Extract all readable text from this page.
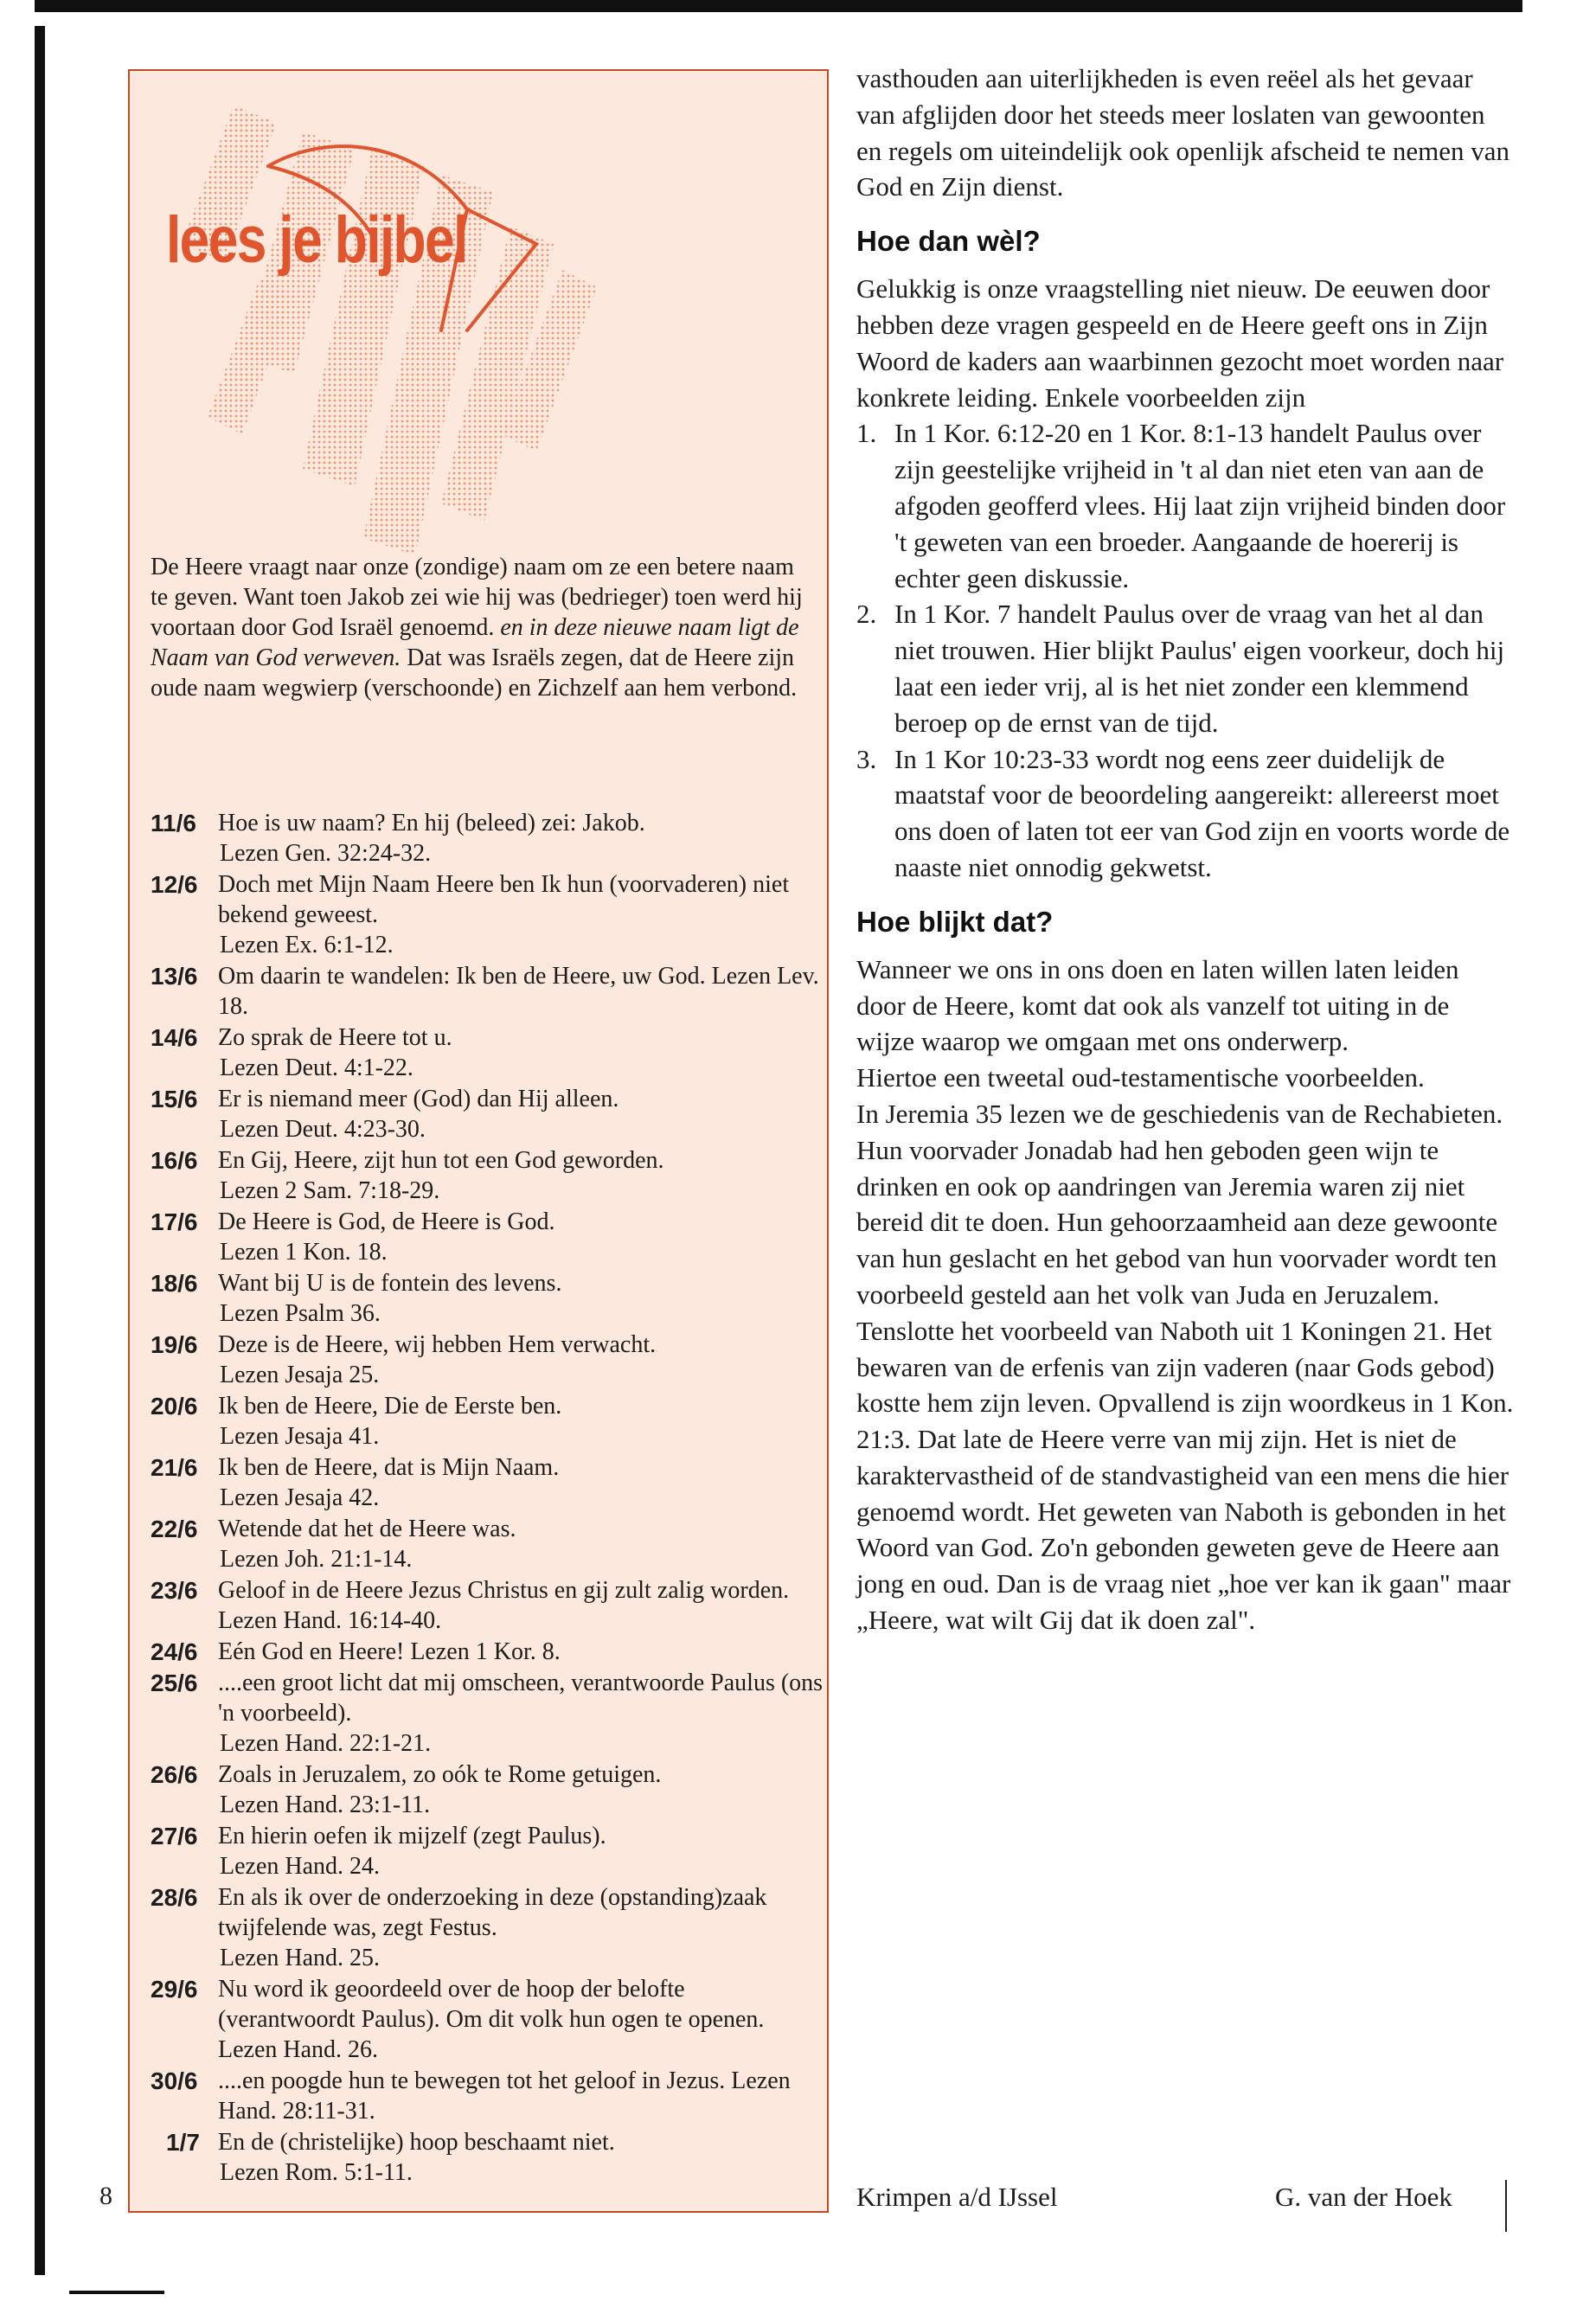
8
lees je bijbel

De Heere vraagt naar onze (zondige) naam om ze een betere naam te geven. Want toen Jakob zei wie hij was (bedrieger) toen werd hij voortaan door God Israël genoemd. en in deze nieuwe naam ligt de Naam van God verweven. Dat was Israëls zegen, dat de Heere zijn oude naam wegwierp (verschoonde) en Zichzelf aan hem verbond.

11/6 Hoe is uw naam? En hij (beleed) zei: Jakob.
Lezen Gen. 32:24-32.
12/6 Doch met Mijn Naam Heere ben Ik hun (voorvaderen) niet bekend geweest.
Lezen Ex. 6:1-12.
13/6 Om daarin te wandelen: Ik ben de Heere, uw God. Lezen Lev. 18.
14/6 Zo sprak de Heere tot u.
Lezen Deut. 4:1-22.
15/6 Er is niemand meer (God) dan Hij alleen.
Lezen Deut. 4:23-30.
16/6 En Gij, Heere, zijt hun tot een God geworden.
Lezen 2 Sam. 7:18-29.
17/6 De Heere is God, de Heere is God.
Lezen 1 Kon. 18.
18/6 Want bij U is de fontein des levens.
Lezen Psalm 36.
19/6 Deze is de Heere, wij hebben Hem verwacht.
Lezen Jesaja 25.
20/6 Ik ben de Heere, Die de Eerste ben.
Lezen Jesaja 41.
21/6 Ik ben de Heere, dat is Mijn Naam.
Lezen Jesaja 42.
22/6 Wetende dat het de Heere was.
Lezen Joh. 21:1-14.
23/6 Geloof in de Heere Jezus Christus en gij zult zalig worden. Lezen Hand. 16:14-40.
24/6 Eén God en Heere! Lezen 1 Kor. 8.
25/6 ....een groot licht dat mij omscheen, verantwoorde Paulus (ons 'n voorbeeld).
Lezen Hand. 22:1-21.
26/6 Zoals in Jeruzalem, zo oók te Rome getuigen.
Lezen Hand. 23:1-11.
27/6 En hierin oefen ik mijzelf (zegt Paulus).
Lezen Hand. 24.
28/6 En als ik over de onderzoeking in deze (opstanding)zaak twijfelende was, zegt Festus.
Lezen Hand. 25.
29/6 Nu word ik geoordeeld over de hoop der belofte (verantwoordt Paulus). Om dit volk hun ogen te openen. Lezen Hand. 26.
30/6 ....en poogde hun te bewegen tot het geloof in Jezus. Lezen Hand. 28:11-31.
1/7 En de (christelijke) hoop beschaamt niet.
Lezen Rom. 5:1-11.

vasthouden aan uiterlijkheden is even reëel als het gevaar van afglijden door het steeds meer loslaten van gewoonten en regels om uiteindelijk ook openlijk afscheid te nemen van God en Zijn dienst.

Hoe dan wèl?

Gelukkig is onze vraagstelling niet nieuw. De eeuwen door hebben deze vragen gespeeld en de Heere geeft ons in Zijn Woord de kaders aan waarbinnen gezocht moet worden naar konkrete leiding. Enkele voorbeelden zijn

1. In 1 Kor. 6:12-20 en 1 Kor. 8:1-13 handelt Paulus over zijn geestelijke vrijheid in 't al dan niet eten van aan de afgoden geofferd vlees. Hij laat zijn vrijheid binden door 't geweten van een broeder. Aangaande de hoererij is echter geen diskussie.
2. In 1 Kor. 7 handelt Paulus over de vraag van het al dan niet trouwen. Hier blijkt Paulus' eigen voorkeur, doch hij laat een ieder vrij, al is het niet zonder een klemmend beroep op de ernst van de tijd.
3. In 1 Kor 10:23-33 wordt nog eens zeer duidelijk de maatstaf voor de beoordeling aangereikt: allereerst moet ons doen of laten tot eer van God zijn en voorts worde de naaste niet onnodig gekwetst.
Hoe blijkt dat?

Wanneer we ons in ons doen en laten willen laten leiden door de Heere, komt dat ook als vanzelf tot uiting in de wijze waarop we omgaan met ons onderwerp.

Hiertoe een tweetal oud-testamentische voorbeelden.

In Jeremia 35 lezen we de geschiedenis van de Rechabieten. Hun voorvader Jonadab had hen geboden geen wijn te drinken en ook op aandringen van Jeremia waren zij niet bereid dit te doen. Hun gehoorzaamheid aan deze gewoonte van hun geslacht en het gebod van hun voorvader wordt ten voorbeeld gesteld aan het volk van Juda en Jeruzalem.

Tenslotte het voorbeeld van Naboth uit 1 Koningen 21. Het bewaren van de erfenis van zijn vaderen (naar Gods gebod) kostte hem zijn leven. Opvallend is zijn woordkeus in 1 Kon. 21:3. Dat late de Heere verre van mij zijn. Het is niet de karaktervastheid of de standvastigheid van een mens die hier genoemd wordt. Het geweten van Naboth is gebonden in het Woord van God. Zo'n gebonden geweten geve de Heere aan jong en oud. Dan is de vraag niet „hoe ver kan ik gaan" maar „Heere, wat wilt Gij dat ik doen zal".

Krimpen a/d IJssel	G. van der Hoek
